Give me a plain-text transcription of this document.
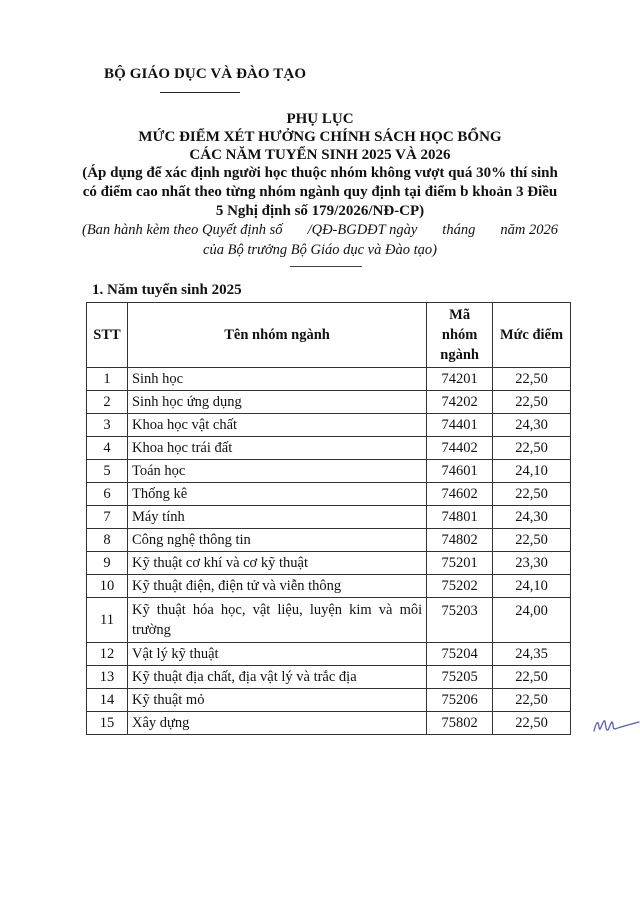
BỘ GIÁO DỤC VÀ ĐÀO TẠO
PHỤ LỤC
MỨC ĐIỂM XÉT HƯỞNG CHÍNH SÁCH HỌC BỔNG
CÁC NĂM TUYỂN SINH 2025 VÀ 2026
(Áp dụng để xác định người học thuộc nhóm không vượt quá 30% thí sinh có điểm cao nhất theo từng nhóm ngành quy định tại điểm b khoản 3 Điều 5 Nghị định số 179/2026/NĐ-CP)
(Ban hành kèm theo Quyết định số /QĐ-BGDĐT ngày tháng năm 2026
của Bộ trưởng Bộ Giáo dục và Đào tạo)
1. Năm tuyển sinh 2025
STT	Tên nhóm ngành	Mã nhóm ngành	Mức điểm
1	Sinh học	74201	22,50
2	Sinh học ứng dụng	74202	22,50
3	Khoa học vật chất	74401	24,30
4	Khoa học trái đất	74402	22,50
5	Toán học	74601	24,10
6	Thống kê	74602	22,50
7	Máy tính	74801	24,30
8	Công nghệ thông tin	74802	22,50
9	Kỹ thuật cơ khí và cơ kỹ thuật	75201	23,30
10	Kỹ thuật điện, điện tử và viễn thông	75202	24,10
11	Kỹ thuật hóa học, vật liệu, luyện kim và môi trường	75203	24,00
12	Vật lý kỹ thuật	75204	24,35
13	Kỹ thuật địa chất, địa vật lý và trắc địa	75205	22,50
14	Kỹ thuật mỏ	75206	22,50
15	Xây dựng	75802	22,50
